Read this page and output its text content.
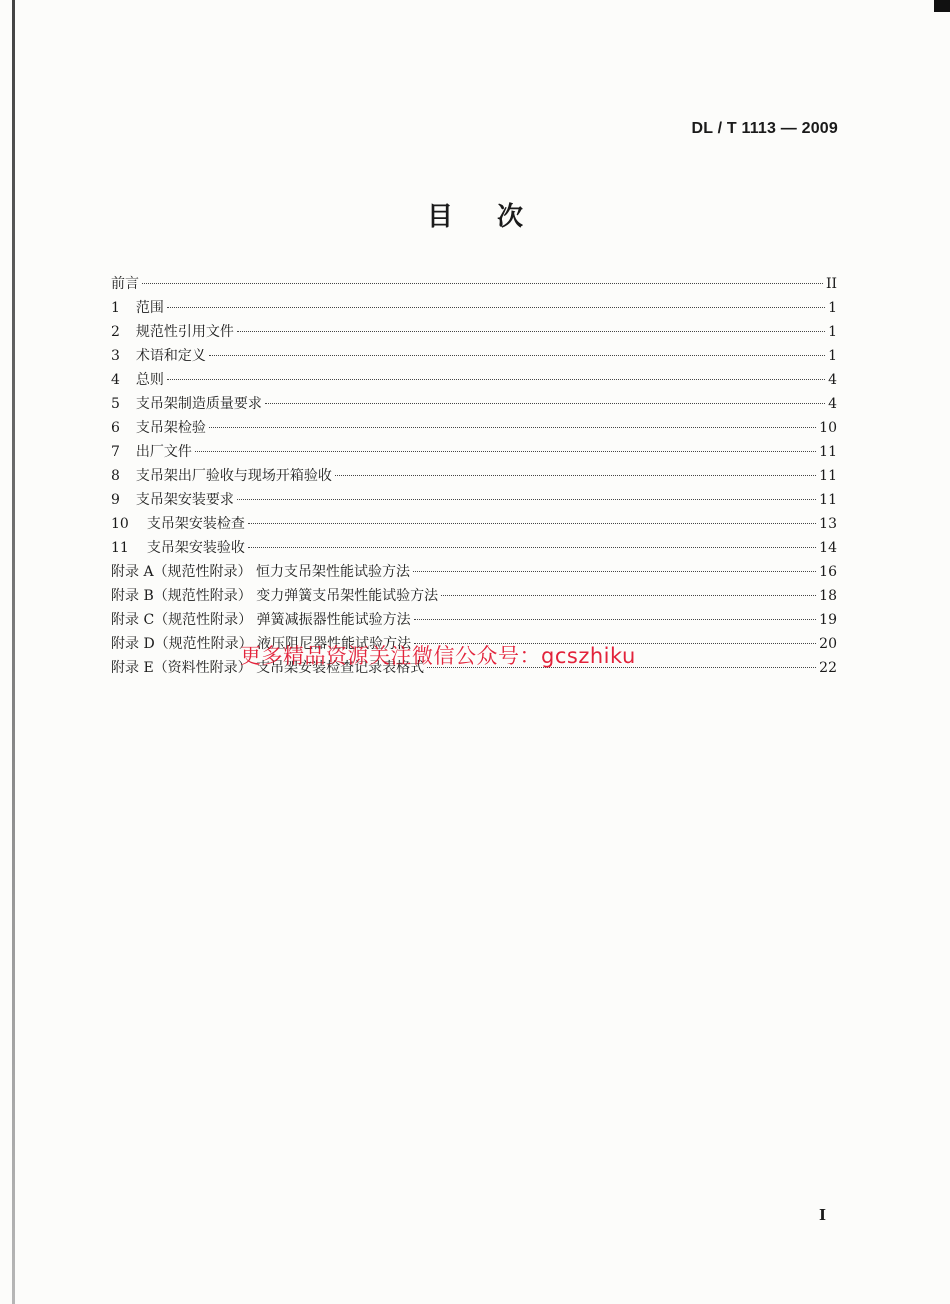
DL / T 1113 — 2009
目 次
前言	II
1 范围	1
2 规范性引用文件	1
3 术语和定义	1
4 总则	4
5 支吊架制造质量要求	4
6 支吊架检验	10
7 出厂文件	11
8 支吊架出厂验收与现场开箱验收	11
9 支吊架安装要求	11
10 支吊架安装检查	13
11 支吊架安装验收	14
附录 A（规范性附录） 恒力支吊架性能试验方法	16
附录 B（规范性附录） 变力弹簧支吊架性能试验方法	18
附录 C（规范性附录） 弹簧减振器性能试验方法	19
附录 D（规范性附录） 液压阻尼器性能试验方法	20
附录 E（资料性附录） 支吊架安装检查记录表格式	22
更多精品资源关注微信公众号：gcszhiku
I
